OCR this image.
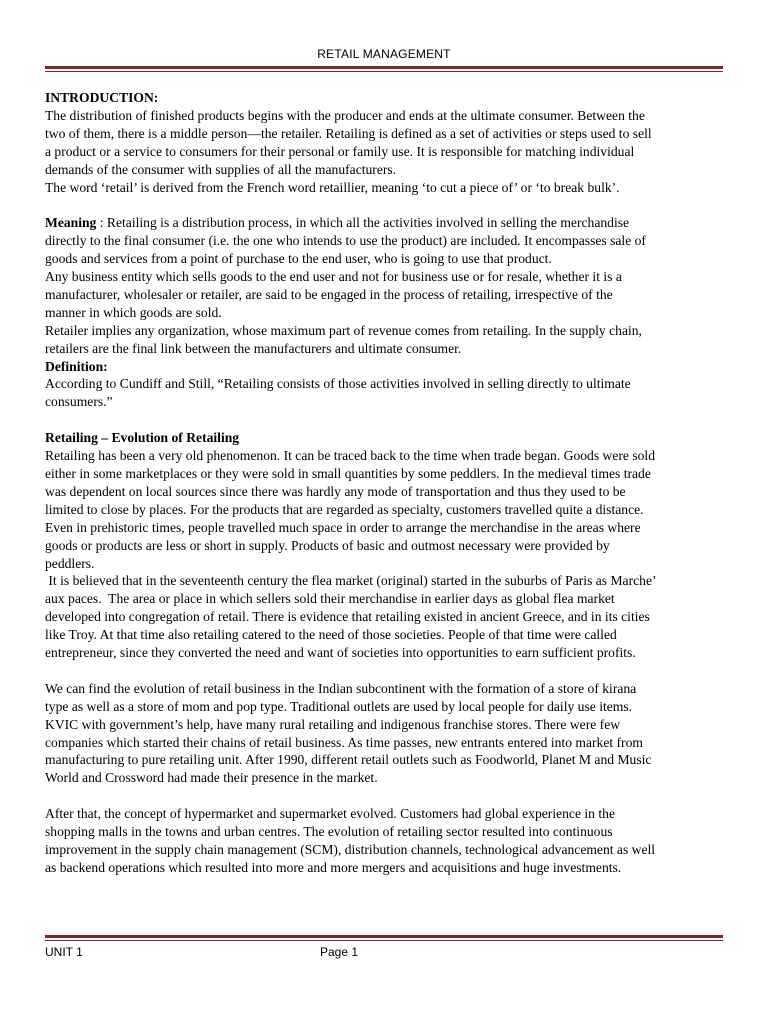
RETAIL MANAGEMENT

INTRODUCTION:

The distribution of finished products begins with the producer and ends at the ultimate consumer. Between the

two of them, there is a middle person—the retailer. Retailing is defined as a set of activities or steps used to sell

a product or a service to consumers for their personal or family use. It is responsible for matching individual

demands of the consumer with supplies of all the manufacturers.

The word ‘retail’ is derived from the French word retaillier, meaning ‘to cut a piece of’ or ‘to break bulk’.

Meaning : Retailing is a distribution process, in which all the activities involved in selling the merchandise

directly to the final consumer (i.e. the one who intends to use the product) are included. It encompasses sale of

goods and services from a point of purchase to the end user, who is going to use that product.

Any business entity which sells goods to the end user and not for business use or for resale, whether it is a

manufacturer, wholesaler or retailer, are said to be engaged in the process of retailing, irrespective of the

manner in which goods are sold.

Retailer implies any organization, whose maximum part of revenue comes from retailing. In the supply chain,

retailers are the final link between the manufacturers and ultimate consumer.

Definition:

According to Cundiff and Still, “Retailing consists of those activities involved in selling directly to ultimate

consumers.”

Retailing – Evolution of Retailing

Retailing has been a very old phenomenon. It can be traced back to the time when trade began. Goods were sold

either in some marketplaces or they were sold in small quantities by some peddlers. In the medieval times trade

was dependent on local sources since there was hardly any mode of transportation and thus they used to be

limited to close by places. For the products that are regarded as specialty, customers travelled quite a distance.

Even in prehistoric times, people travelled much space in order to arrange the merchandise in the areas where

goods or products are less or short in supply. Products of basic and outmost necessary were provided by

peddlers.

It is believed that in the seventeenth century the flea market (original) started in the suburbs of Paris as Marche’

aux paces.  The area or place in which sellers sold their merchandise in earlier days as global flea market

developed into congregation of retail. There is evidence that retailing existed in ancient Greece, and in its cities

like Troy. At that time also retailing catered to the need of those societies. People of that time were called

entrepreneur, since they converted the need and want of societies into opportunities to earn sufficient profits.

We can find the evolution of retail business in the Indian subcontinent with the formation of a store of kirana

type as well as a store of mom and pop type. Traditional outlets are used by local people for daily use items.

KVIC with government’s help, have many rural retailing and indigenous franchise stores. There were few

companies which started their chains of retail business. As time passes, new entrants entered into market from

manufacturing to pure retailing unit. After 1990, different retail outlets such as Foodworld, Planet M and Music

World and Crossword had made their presence in the market.

After that, the concept of hypermarket and supermarket evolved. Customers had global experience in the

shopping malls in the towns and urban centres. The evolution of retailing sector resulted into continuous

improvement in the supply chain management (SCM), distribution channels, technological advancement as well

as backend operations which resulted into more and more mergers and acquisitions and huge investments.

UNIT 1	Page 1
